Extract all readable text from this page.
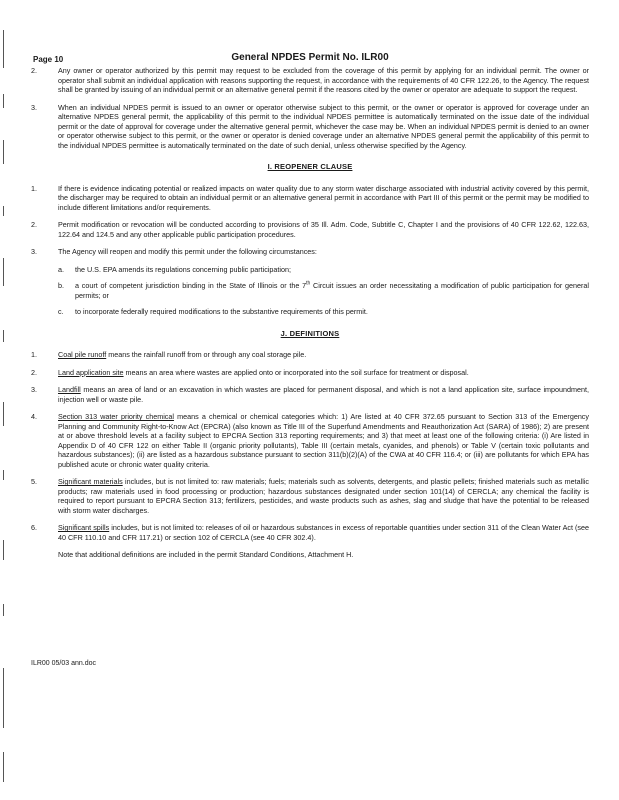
Page 10	General NPDES Permit No. ILR00
2.	Any owner or operator authorized by this permit may request to be excluded from the coverage of this permit by applying for an individual permit. The owner or operator shall submit an individual application with reasons supporting the request, in accordance with the requirements of 40 CFR 122.26, to the Agency. The request shall be granted by issuing of an individual permit or an alternative general permit if the reasons cited by the owner or operator are adequate to support the request.
3.	When an individual NPDES permit is issued to an owner or operator otherwise subject to this permit, or the owner or operator is approved for coverage under an alternative NPDES general permit, the applicability of this permit to the individual NPDES permittee is automatically terminated on the issue date of the individual permit or the date of approval for coverage under the alternative general permit, whichever the case may be. When an individual NPDES permit is denied to an owner or operator otherwise subject to this permit, or the owner or operator is denied coverage under an alternative NPDES general permit the applicability of this permit to the individual NPDES permittee is automatically terminated on the date of such denial, unless otherwise specified by the Agency.
I. REOPENER CLAUSE
1.	If there is evidence indicating potential or realized impacts on water quality due to any storm water discharge associated with industrial activity covered by this permit, the discharger may be required to obtain an individual permit or an alternative general permit in accordance with Part III of this permit or the permit may be modified to include different limitations and/or requirements.
2.	Permit modification or revocation will be conducted according to provisions of 35 Ill. Adm. Code, Subtitle C, Chapter I and the provisions of 40 CFR 122.62, 122.63, 122.64 and 124.5 and any other applicable public participation procedures.
3.	The Agency will reopen and modify this permit under the following circumstances:
a. the U.S. EPA amends its regulations concerning public participation;
b. a court of competent jurisdiction binding in the State of Illinois or the 7th Circuit issues an order necessitating a modification of public participation for general permits; or
c. to incorporate federally required modifications to the substantive requirements of this permit.
J. DEFINITIONS
1.	Coal pile runoff means the rainfall runoff from or through any coal storage pile.
2.	Land application site means an area where wastes are applied onto or incorporated into the soil surface for treatment or disposal.
3.	Landfill means an area of land or an excavation in which wastes are placed for permanent disposal, and which is not a land application site, surface impoundment, injection well or waste pile.
4.	Section 313 water priority chemical means a chemical or chemical categories which: 1) Are listed at 40 CFR 372.65 pursuant to Section 313 of the Emergency Planning and Community Right-to-Know Act (EPCRA) (also known as Title III of the Superfund Amendments and Reauthorization Act (SARA) of 1986); 2) are present at or above threshold levels at a facility subject to EPCRA Section 313 reporting requirements; and 3) that meet at least one of the following criteria: (i) Are listed in Appendix D of 40 CFR 122 on either Table II (organic priority pollutants), Table III (certain metals, cyanides, and phenols) or Table V (certain toxic pollutants and hazardous substances); (ii) are listed as a hazardous substance pursuant to section 311(b)(2)(A) of the CWA at 40 CFR 116.4; or (iii) are pollutants for which EPA has published acute or chronic water quality criteria.
5.	Significant materials includes, but is not limited to: raw materials; fuels; materials such as solvents, detergents, and plastic pellets; finished materials such as metallic products; raw materials used in food processing or production; hazardous substances designated under section 101(14) of CERCLA; any chemical the facility is required to report pursuant to EPCRA Section 313; fertilizers, pesticides, and waste products such as ashes, slag and sludge that have the potential to be released with storm water discharges.
6.	Significant spills includes, but is not limited to: releases of oil or hazardous substances in excess of reportable quantities under section 311 of the Clean Water Act (see 40 CFR 110.10 and CFR 117.21) or section 102 of CERCLA (see 40 CFR 302.4).
Note that additional definitions are included in the permit Standard Conditions, Attachment H.
ILR00 05/03 ann.doc
